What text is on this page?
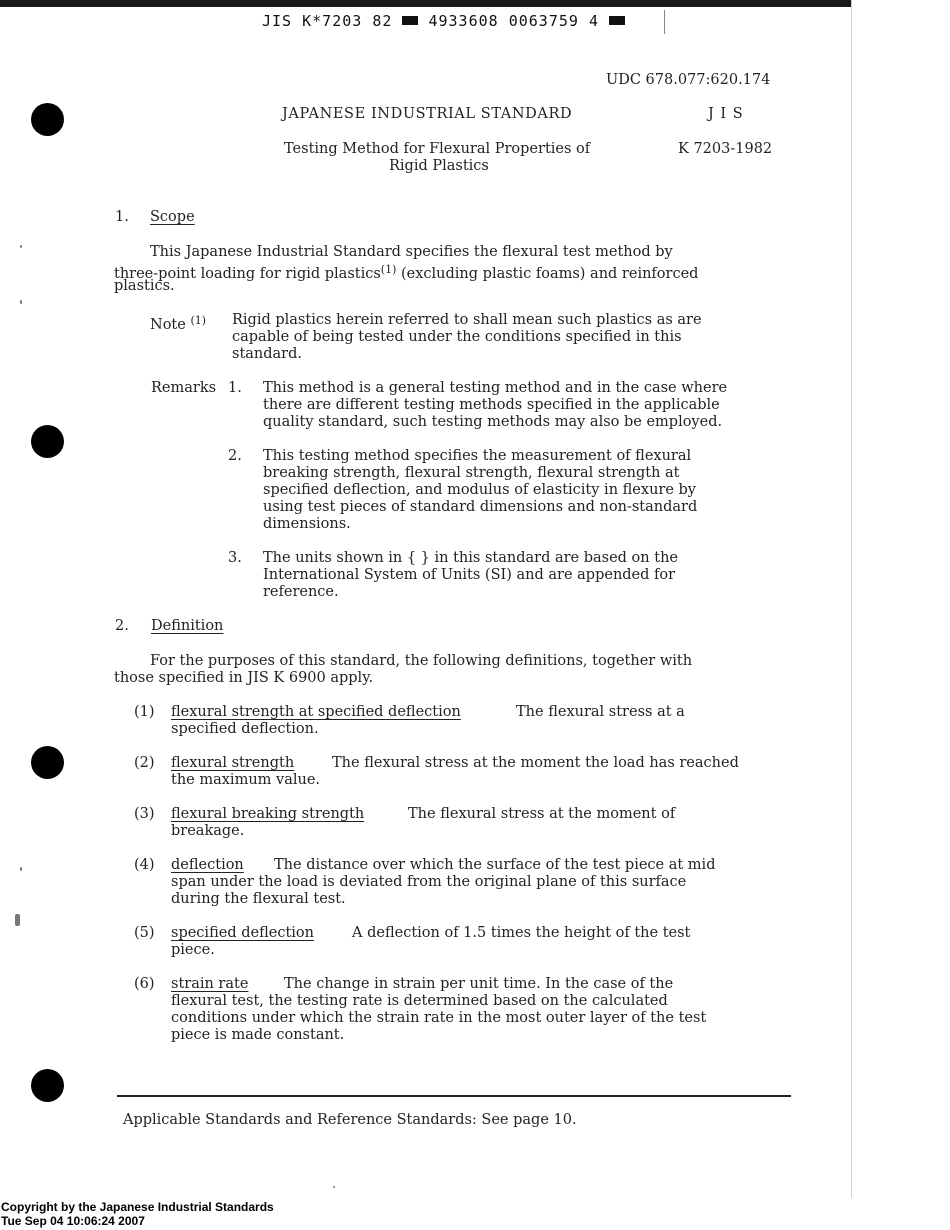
JIS K*7203 82 4933608 0063759 4
UDC 678.077:620.174
JAPANESE INDUSTRIAL STANDARD	J I S
Testing Method for Flexural Properties of
Rigid Plastics
K 7203-1982
1. Scope
This Japanese Industrial Standard specifies the flexural test method by
three-point loading for rigid plastics$^{(1)}$ (excluding plastic foams) and reinforced
plastics.
Note $^{(1)}$ Rigid plastics herein referred to shall mean such plastics as are
capable of being tested under the conditions specified in this
standard.
Remarks 1. This method is a general testing method and in the case where
there are different testing methods specified in the applicable
quality standard, such testing methods may also be employed.
2. This testing method specifies the measurement of flexural
breaking strength, flexural strength, flexural strength at
specified deflection, and modulus of elasticity in flexure by
using test pieces of standard dimensions and non-standard
dimensions.
3. The units shown in { } in this standard are based on the
International System of Units (SI) and are appended for
reference.
2. Definition
For the purposes of this standard, the following definitions, together with
those specified in JIS K 6900 apply.
(1) flexural strength at specified deflection	The flexural stress at a
specified deflection.
(2) flexural strength	The flexural stress at the moment the load has reached
the maximum value.
(3) flexural breaking strength	The flexural stress at the moment of
breakage.
(4) deflection The distance over which the surface of the test piece at mid
span under the load is deviated from the original plane of this surface
during the flexural test.
(5) specified deflection	A deflection of 1.5 times the height of the test
piece.
(6) strain rate The change in strain per unit time. In the case of the
flexural test, the testing rate is determined based on the calculated
conditions under which the strain rate in the most outer layer of the test
piece is made constant.
Applicable Standards and Reference Standards: See page 10.
Copyright by the Japanese Industrial Standards
Tue Sep 04 10:06:24 2007
